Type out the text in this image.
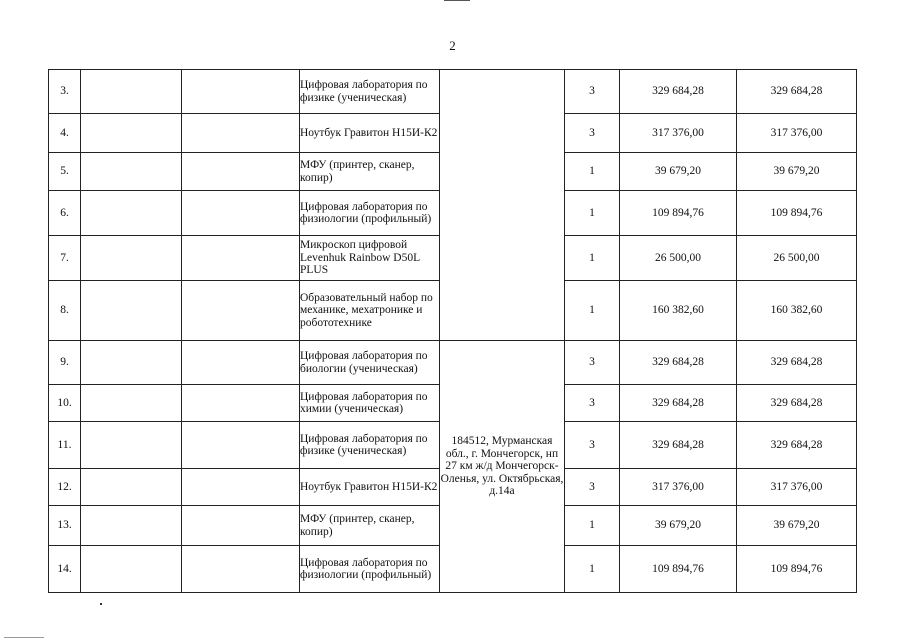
2
3.			Цифровая лаборатория по физике (ученическая)		3	329 684,28	329 684,28
4.			Ноутбук Гравитон Н15И-К2		3	317 376,00	317 376,00
5.			МФУ (принтер, сканер, копир)		1	39 679,20	39 679,20
6.			Цифровая лаборатория по физиологии (профильный)		1	109 894,76	109 894,76
7.			Микроскоп цифровой Levenhuk Rainbow D50L PLUS		1	26 500,00	26 500,00
8.			Образовательный набор по механике, мехатронике и робототехнике		1	160 382,60	160 382,60
9.			Цифровая лаборатория по биологии (ученическая)	184512, Мурманская обл., г. Мончегорск, нп 27 км ж/д Мончегорск-Оленья, ул. Октябрьская, д.14а	3	329 684,28	329 684,28
10.			Цифровая лаборатория по химии (ученическая)		3	329 684,28	329 684,28
11.			Цифровая лаборатория по физике (ученическая)		3	329 684,28	329 684,28
12.			Ноутбук Гравитон Н15И-К2		3	317 376,00	317 376,00
13.			МФУ (принтер, сканер, копир)		1	39 679,20	39 679,20
14.			Цифровая лаборатория по физиологии (профильный)		1	109 894,76	109 894,76
